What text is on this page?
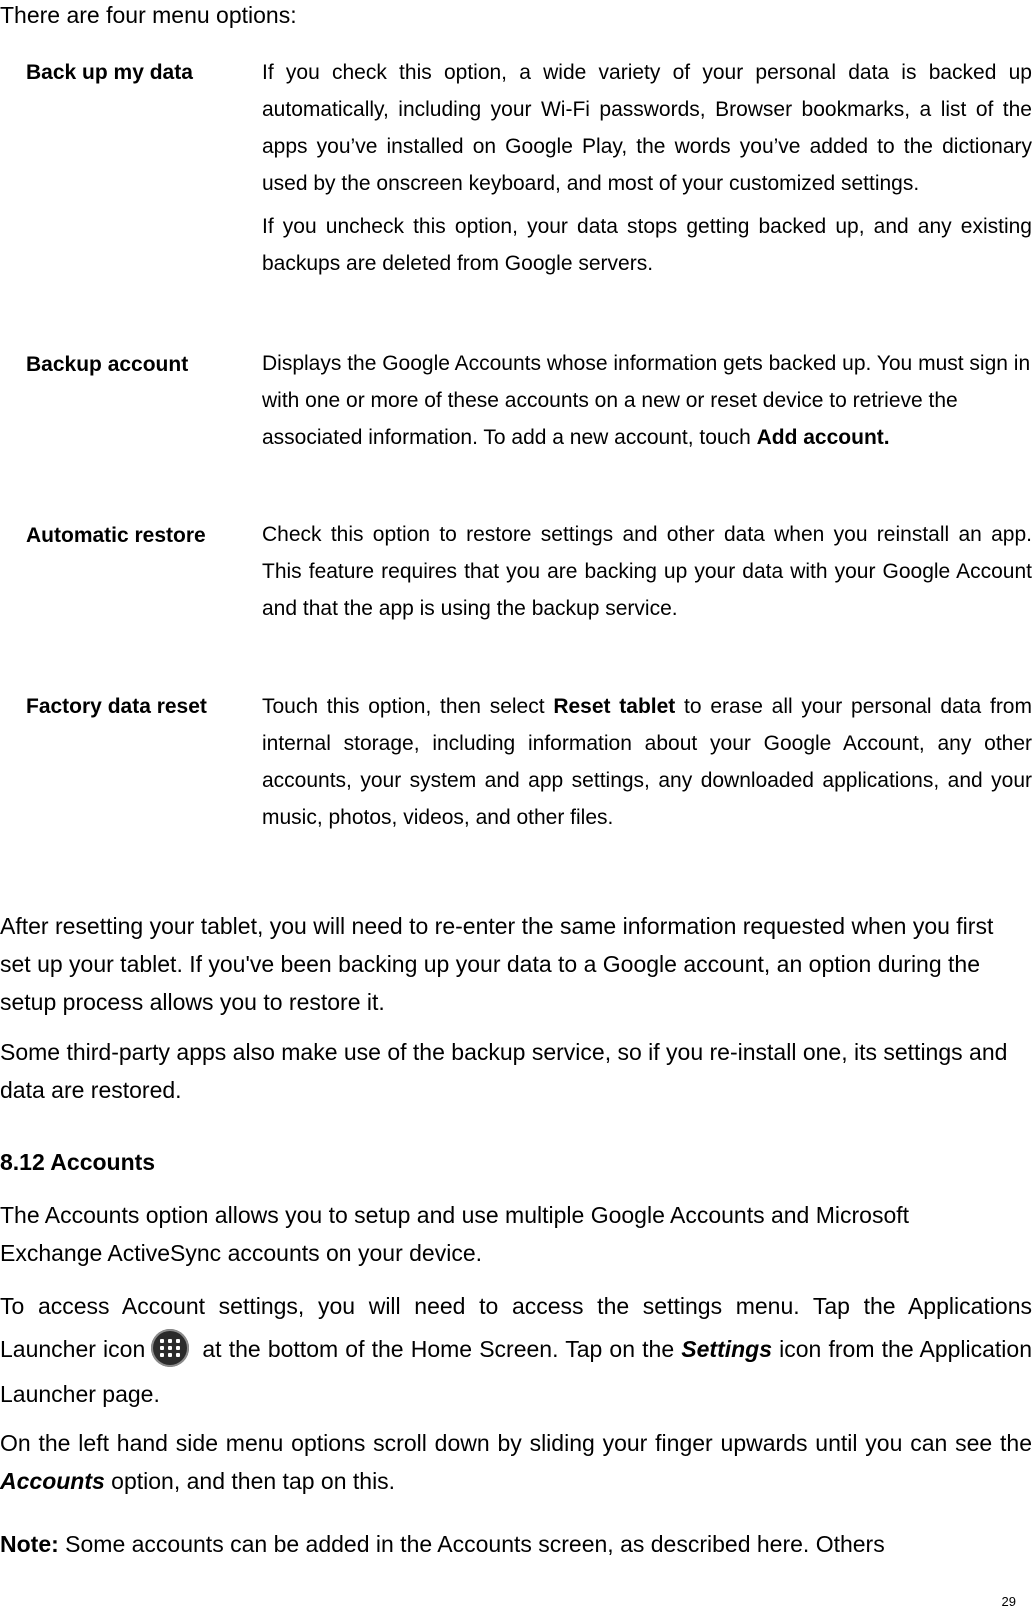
There are four menu options:

Back up my data	If you check this option, a wide variety of your personal data is backed up automatically, including your Wi-Fi passwords, Browser bookmarks, a list of the apps you’ve installed on Google Play, the words you’ve added to the dictionary used by the onscreen keyboard, and most of your customized settings.

If you uncheck this option, your data stops getting backed up, and any existing backups are deleted from Google servers.

Backup account	Displays the Google Accounts whose information gets backed up. You must sign in with one or more of these accounts on a new or reset device to retrieve the associated information. To add a new account, touch Add account.

Automatic restore	Check this option to restore settings and other data when you reinstall an app. This feature requires that you are backing up your data with your Google Account and that the app is using the backup service.

Factory data reset	Touch this option, then select Reset tablet to erase all your personal data from internal storage, including information about your Google Account, any other accounts, your system and app settings, any downloaded applications, and your music, photos, videos, and other files.

After resetting your tablet, you will need to re-enter the same information requested when you first set up your tablet. If you've been backing up your data to a Google account, an option during the setup process allows you to restore it.

Some third-party apps also make use of the backup service, so if you re-install one, its settings and data are restored.

8.12 Accounts

The Accounts option allows you to setup and use multiple Google Accounts and Microsoft Exchange ActiveSync accounts on your device.

To access Account settings, you will need to access the settings menu. Tap the Applications Launcher icon
at the bottom of the Home Screen. Tap on the Settings icon from the Application Launcher page.

On the left hand side menu options scroll down by sliding your finger upwards until you can see the Accounts option, and then tap on this.

Note: Some accounts can be added in the Accounts screen, as described here. Others

29
